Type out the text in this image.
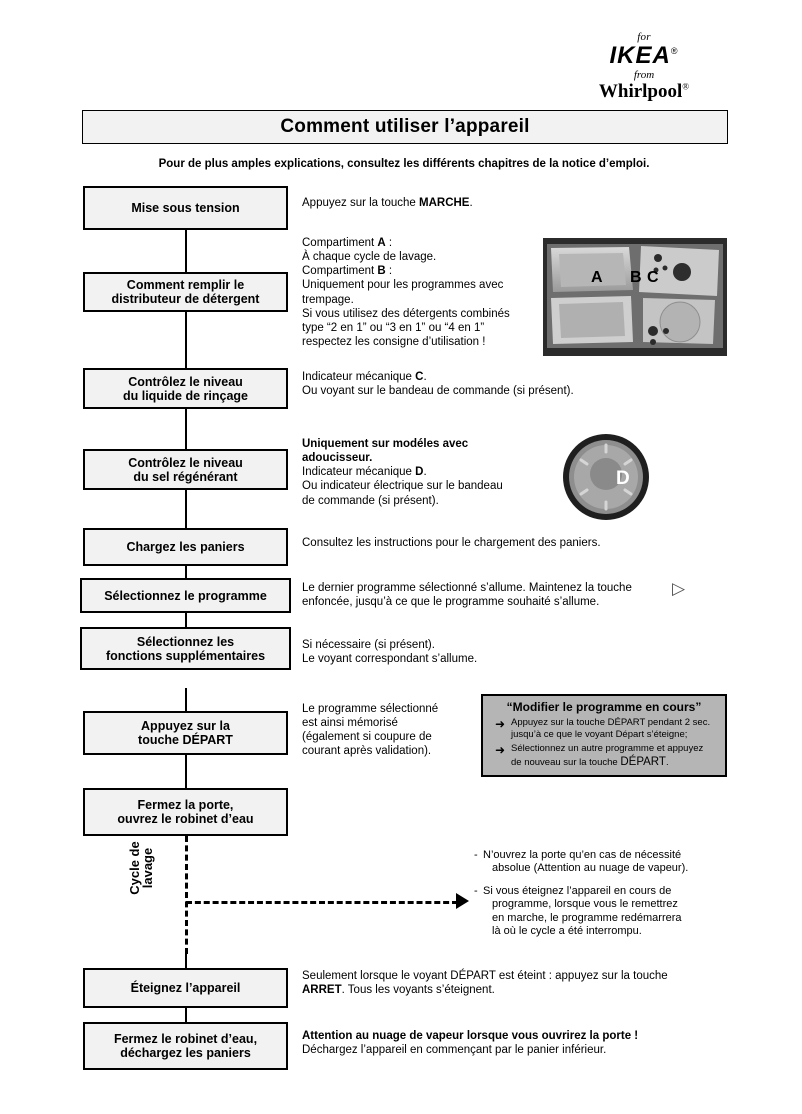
for
IKEA®
from
Whirlpool®
Comment utiliser l’appareil
Pour de plus amples explications, consultez les différents chapitres de la notice d’emploi.
Cycle de
lavage
Mise sous tension	Appuyez sur la touche MARCHE.
Comment remplir le
distributeur de détergent
Compartiment A :
À chaque cycle de lavage.
Compartiment B :
Uniquement pour les programmes avec
trempage.
Si vous utilisez des détergents combinés
type “2 en 1” ou “3 en 1” ou “4 en 1”
respectez les consigne d’utilisation !
A B C
Contrôlez le niveau
du liquide de rinçage
Indicateur mécanique C.
Ou voyant sur le bandeau de commande (si présent).
Contrôlez le niveau
du sel régénérant
Uniquement sur modéles avec
adoucisseur.
Indicateur mécanique D.
Ou indicateur électrique sur le bandeau
de commande (si présent).
D
Chargez les paniers	Consultez les instructions pour le chargement des paniers.
Sélectionnez le programme
Le dernier programme sélectionné s’allume. Maintenez la touche
enfoncée, jusqu’à ce que le programme souhaité s’allume.
▷
Sélectionnez les
fonctions supplémentaires
Si nécessaire (si présent).
Le voyant correspondant s’allume.
Appuyez sur la
touche DÉPART
Le programme sélectionné
est ainsi mémorisé
(également si coupure de
courant après validation).
“Modifier le programme en cours”
➜ Appuyez sur la touche DÉPART pendant 2 sec.
jusqu’à ce que le voyant Départ s’éteigne;
➜ Sélectionnez un autre programme et appuyez
de nouveau sur la touche DÉPART.
Fermez la porte,
ouvrez le robinet d’eau
- N’ouvrez la porte qu’en cas de nécessité
absolue (Attention au nuage de vapeur).
- Si vous éteignez l’appareil en cours de
programme, lorsque vous le remettrez
en marche, le programme redémarrera
là où le cycle a été interrompu.
Éteignez l’appareil
Seulement lorsque le voyant DÉPART est éteint : appuyez sur la touche
ARRET. Tous les voyants s’éteignent.
Fermez le robinet d’eau,
déchargez les paniers
Attention au nuage de vapeur lorsque vous ouvrirez la porte !
Déchargez l’appareil en commençant par le panier inférieur.
